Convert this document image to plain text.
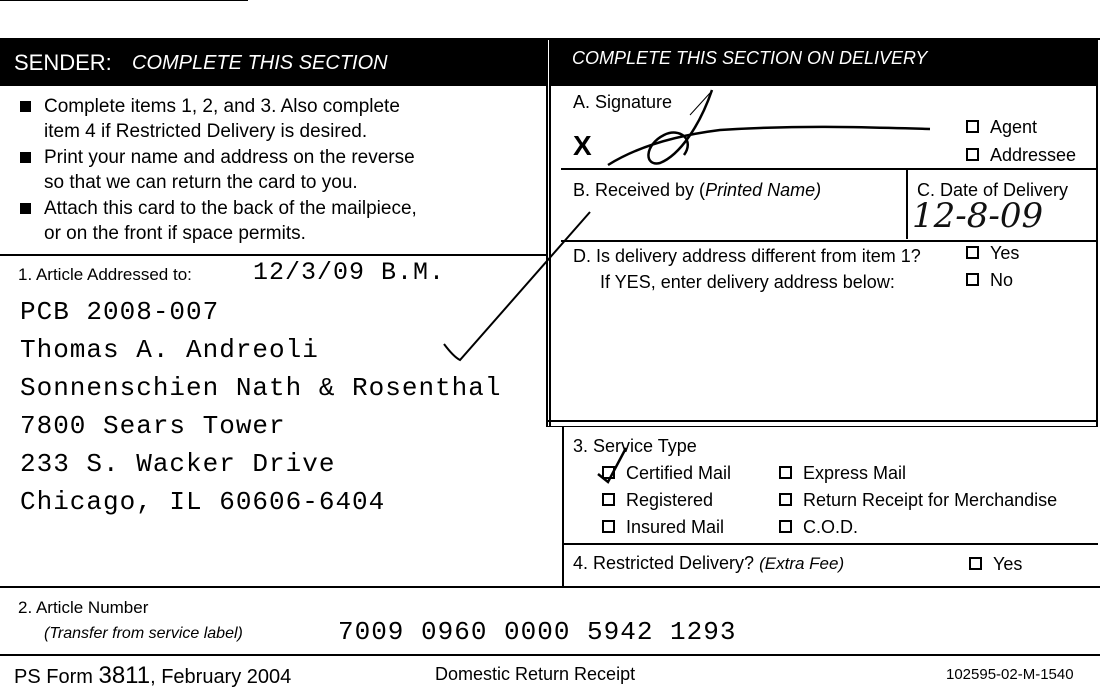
SENDER: COMPLETE THIS SECTION	COMPLETE THIS SECTION ON DELIVERY
Complete items 1, 2, and 3. Also complete
item 4 if Restricted Delivery is desired.
Print your name and address on the reverse
so that we can return the card to you.
Attach this card to the back of the mailpiece,
or on the front if space permits.
1. Article Addressed to: 12/3/09 B.M.
PCB 2008-007
Thomas A. Andreoli
Sonnenschien Nath & Rosenthal
7800 Sears Tower
233 S. Wacker Drive
Chicago, IL 60606-6404
A. Signature
X
Agent
Addressee
B. Received by (Printed Name)	C. Date of Delivery
12-8-09
D. Is delivery address different from item 1?
If YES, enter delivery address below:
Yes
No
3. Service Type
Certified Mail
Registered
Insured Mail
Express Mail
Return Receipt for Merchandise
C.O.D.
4. Restricted Delivery? (Extra Fee)	Yes
2. Article Number
(Transfer from service label)	7009 0960 0000 5942 1293
PS Form 3811, February 2004	Domestic Return Receipt	102595-02-M-1540
